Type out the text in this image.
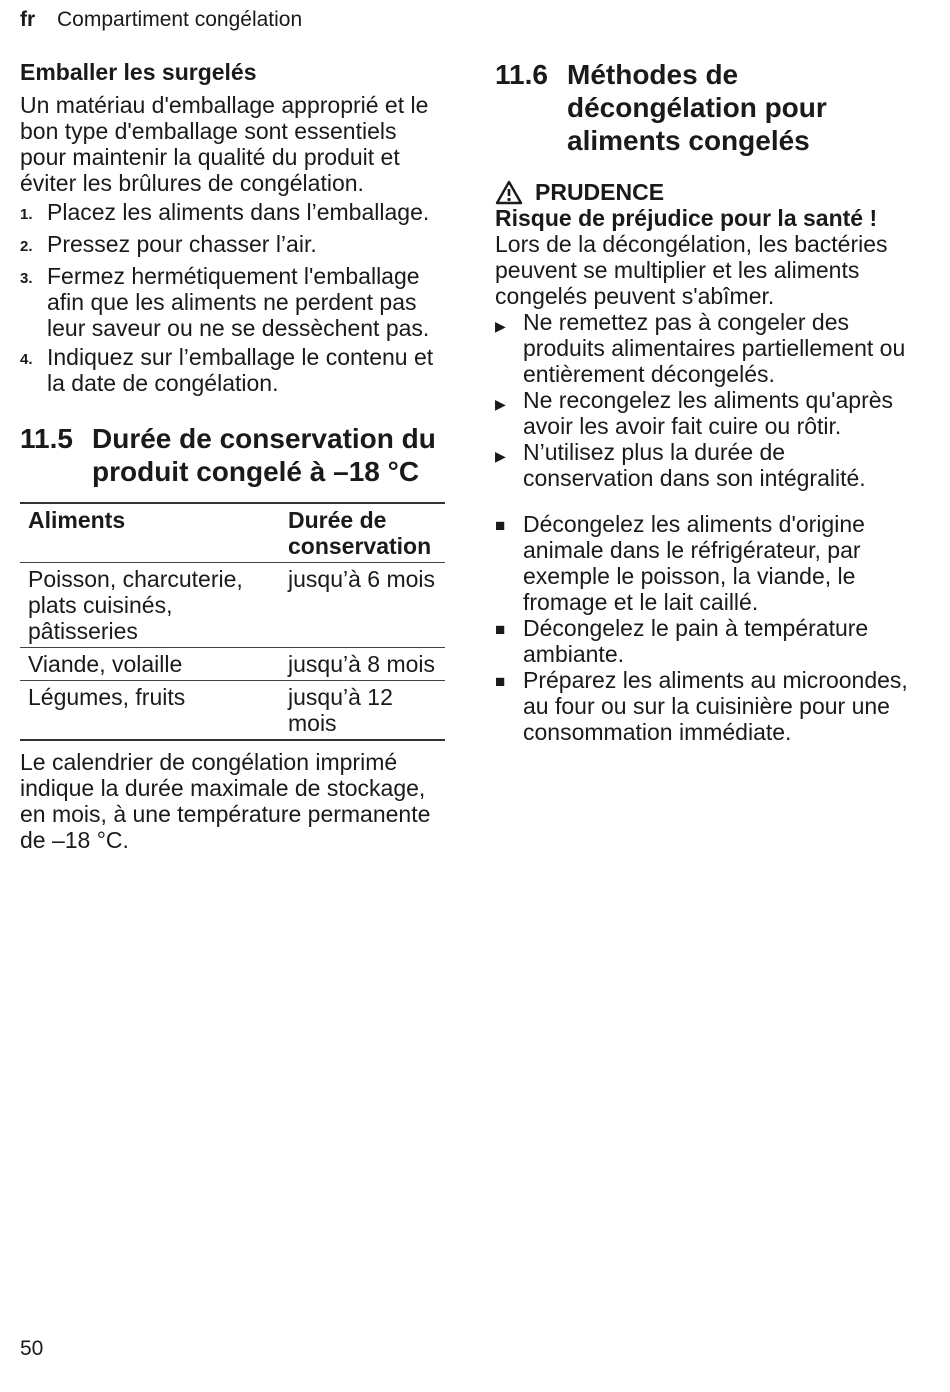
fr Compartiment congélation
Emballer les surgelés

Un matériau d'emballage approprié et le bon type d'emballage sont essentiels pour maintenir la qualité du produit et éviter les brûlures de congélation.

1. Placez les aliments dans l’emballage.
2. Pressez pour chasser l’air.
3. Fermez hermétiquement l'emballage afin que les aliments ne perdent pas leur saveur ou ne se dessèchent pas.
4. Indiquez sur l’emballage le contenu et la date de congélation.
11.5 Durée de conservation du produit congelé à –18 °C
Aliments	Durée de conservation
Poisson, charcuterie, plats cuisinés, pâtisseries	jusqu’à 6 mois
Viande, volaille	jusqu’à 8 mois
Légumes, fruits	jusqu’à 12 mois

Le calendrier de congélation imprimé indique la durée maximale de stockage, en mois, à une température permanente de –18 °C.

11.6 Méthodes de décongélation pour aliments congelés
PRUDENCE

Risque de préjudice pour la santé !

Lors de la décongélation, les bactéries peuvent se multiplier et les aliments congelés peuvent s'abîmer.

▶ Ne remettez pas à congeler des produits alimentaires partiellement ou entièrement décongelés.
▶ Ne recongelez les aliments qu'après avoir les avoir fait cuire ou rôtir.
▶ N’utilisez plus la durée de conservation dans son intégralité.
■ Décongelez les aliments d'origine animale dans le réfrigérateur, par exemple le poisson, la viande, le fromage et le lait caillé.
■ Décongelez le pain à température ambiante.
■ Préparez les aliments au microondes, au four ou sur la cuisinière pour une consommation immédiate.
50
